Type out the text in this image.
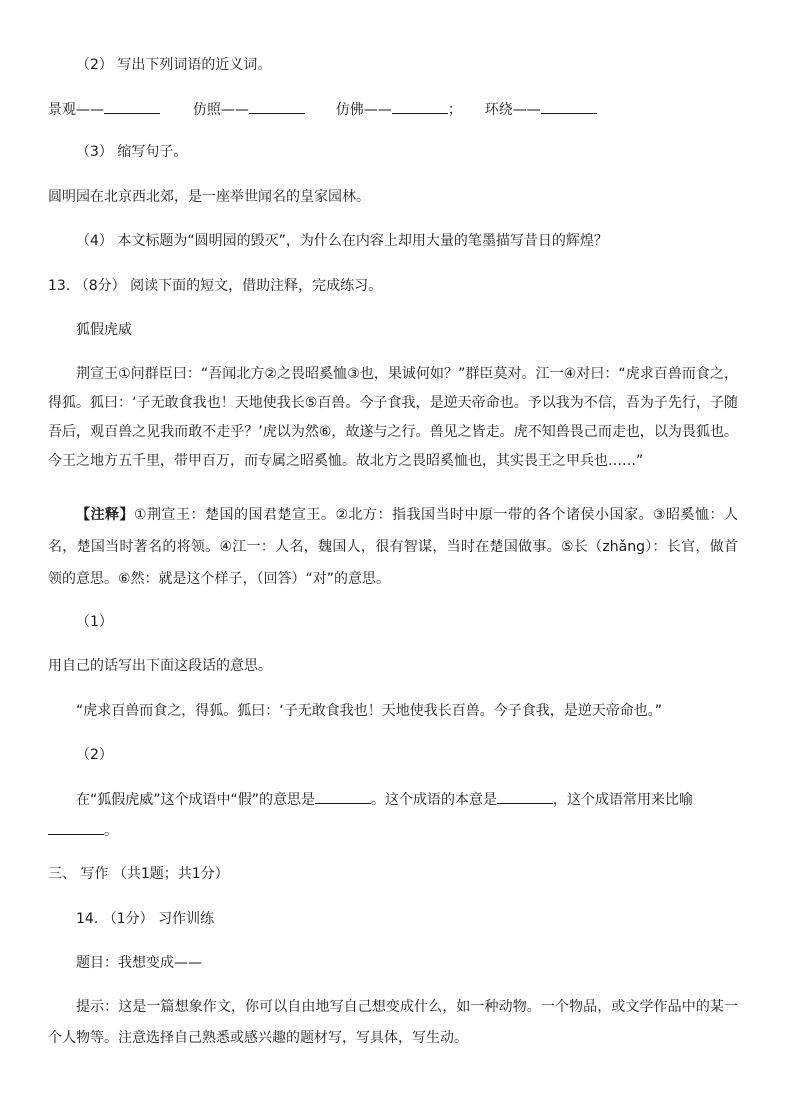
（2） 写出下列词语的近义词。
景观——	仿照——	仿佛——	； 环绕——
（3） 缩写句子。
圆明园在北京西北郊，是一座举世闻名的皇家园林。
（4） 本文标题为“圆明园的毁灭”，为什么在内容上却用大量的笔墨描写昔日的辉煌？
13. （8分） 阅读下面的短文，借助注释，完成练习。
狐假虎威
荆宣王①问群臣曰：“吾闻北方②之畏昭奚恤③也，果诚何如？”群臣莫对。江一④对曰：“虎求百兽而食之，得狐。狐曰：‘子无敢食我也！天地使我长⑤百兽。今子食我，是逆天帝命也。予以我为不信，吾为子先行，子随吾后，观百兽之见我而敢不走乎？’虎以为然⑥，故遂与之行。兽见之皆走。虎不知兽畏己而走也，以为畏狐也。今王之地方五千里，带甲百万，而专属之昭奚恤。故北方之畏昭奚恤也，其实畏王之甲兵也……”
【注释】①荆宣王：楚国的国君楚宣王。②北方：指我国当时中原一带的各个诸侯小国家。③昭奚恤：人名，楚国当时著名的将领。④江一：人名，魏国人，很有智谋，当时在楚国做事。⑤长（zhǎng）：长官，做首领的意思。⑥然：就是这个样子，（回答）“对”的意思。
（1）
用自己的话写出下面这段话的意思。
“虎求百兽而食之，得狐。狐曰：‘子无敢食我也！天地使我长百兽。今子食我，是逆天帝命也。”
（2）
在“狐假虎威”这个成语中“假”的意思是	。这个成语的本意是	，这个成语常用来比喻
。
三、 写作 （共1题；共1分）
14. （1分） 习作训练
题目：我想变成——
提示：这是一篇想象作文，你可以自由地写自己想变成什么，如一种动物。一个物品，或文学作品中的某一个人物等。注意选择自己熟悉或感兴趣的题材写，写具体，写生动。
